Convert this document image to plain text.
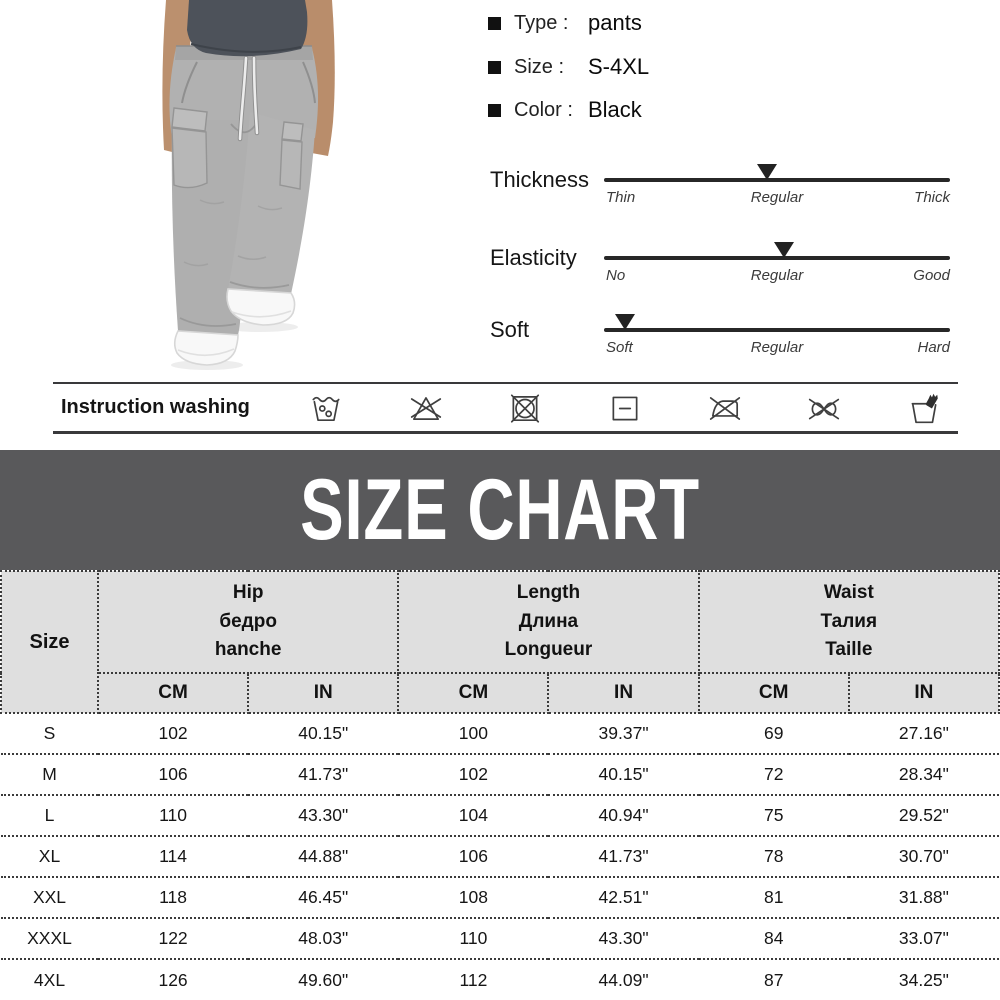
Type : pants
Size :	S-4XL
Color : Black
Thickness
Thin	Regular	Thick
Elasticity
No	Regular	Good
Soft
Soft	Regular	Hard
Instruction washing
SIZE CHART
Size	
Hip
бедро
hanche

Length
Длина
Longueur

Waist
Талия
Taille

	CM	IN	CM	IN	CM	IN
S	102	40.15"	100	39.37"	69	27.16"
M	106	41.73"	102	40.15"	72	28.34"
L	110	43.30"	104	40.94"	75	29.52"
XL	114	44.88"	106	41.73"	78	30.70"
XXL	118	46.45"	108	42.51"	81	31.88"
XXXL	122	48.03"	110	43.30"	84	33.07"
4XL	126	49.60"	112	44.09"	87	34.25"
